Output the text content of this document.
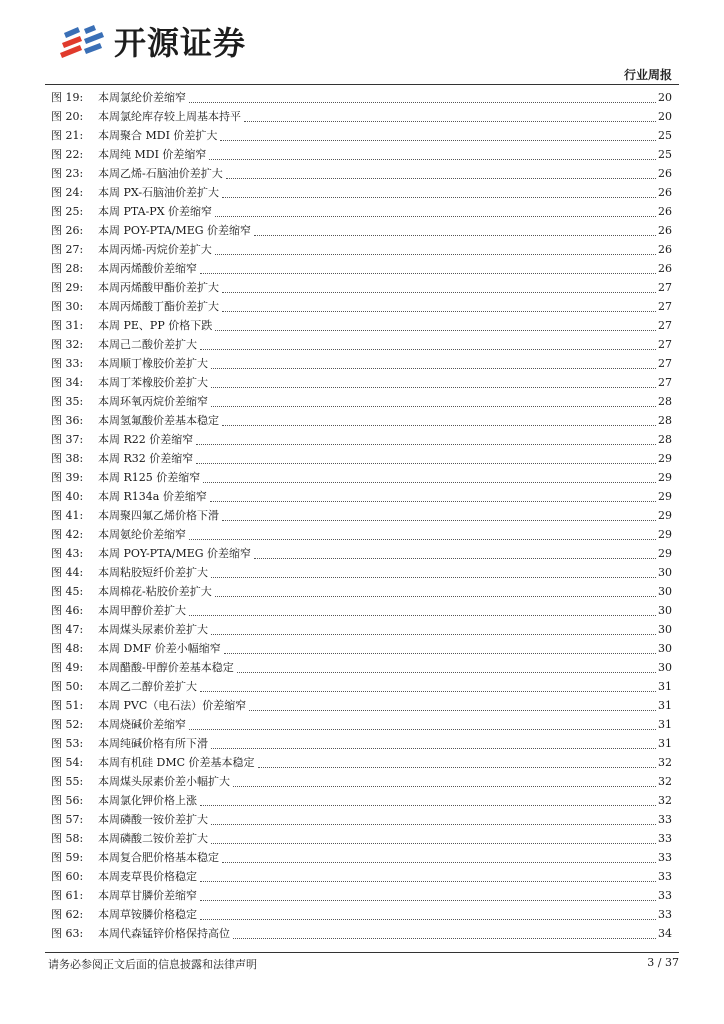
开源证券
行业周报
图 19:	本周氯纶价差缩窄	20
图 20:	本周氯纶库存较上周基本持平	20
图 21:	本周聚合 MDI 价差扩大	25
图 22:	本周纯 MDI 价差缩窄	25
图 23:	本周乙烯-石脑油价差扩大	26
图 24:	本周 PX-石脑油价差扩大	26
图 25:	本周 PTA-PX 价差缩窄	26
图 26:	本周 POY-PTA/MEG 价差缩窄	26
图 27:	本周丙烯-丙烷价差扩大	26
图 28:	本周丙烯酸价差缩窄	26
图 29:	本周丙烯酸甲酯价差扩大	27
图 30:	本周丙烯酸丁酯价差扩大	27
图 31:	本周 PE、PP 价格下跌	27
图 32:	本周己二酸价差扩大	27
图 33:	本周顺丁橡胶价差扩大	27
图 34:	本周丁苯橡胶价差扩大	27
图 35:	本周环氧丙烷价差缩窄	28
图 36:	本周氢氟酸价差基本稳定	28
图 37:	本周 R22 价差缩窄	28
图 38:	本周 R32 价差缩窄	29
图 39:	本周 R125 价差缩窄	29
图 40:	本周 R134a 价差缩窄	29
图 41:	本周聚四氟乙烯价格下滑	29
图 42:	本周氨纶价差缩窄	29
图 43:	本周 POY-PTA/MEG 价差缩窄	29
图 44:	本周粘胶短纤价差扩大	30
图 45:	本周棉花-粘胶价差扩大	30
图 46:	本周甲醇价差扩大	30
图 47:	本周煤头尿素价差扩大	30
图 48:	本周 DMF 价差小幅缩窄	30
图 49:	本周醋酸-甲醇价差基本稳定	30
图 50:	本周乙二醇价差扩大	31
图 51:	本周 PVC（电石法）价差缩窄	31
图 52:	本周烧碱价差缩窄	31
图 53:	本周纯碱价格有所下滑	31
图 54:	本周有机硅 DMC 价差基本稳定	32
图 55:	本周煤头尿素价差小幅扩大	32
图 56:	本周氯化钾价格上涨	32
图 57:	本周磷酸一铵价差扩大	33
图 58:	本周磷酸二铵价差扩大	33
图 59:	本周复合肥价格基本稳定	33
图 60:	本周麦草畏价格稳定	33
图 61:	本周草甘膦价差缩窄	33
图 62:	本周草铵膦价格稳定	33
图 63:	本周代森锰锌价格保持高位	34
请务必参阅正文后面的信息披露和法律声明	3 / 37
